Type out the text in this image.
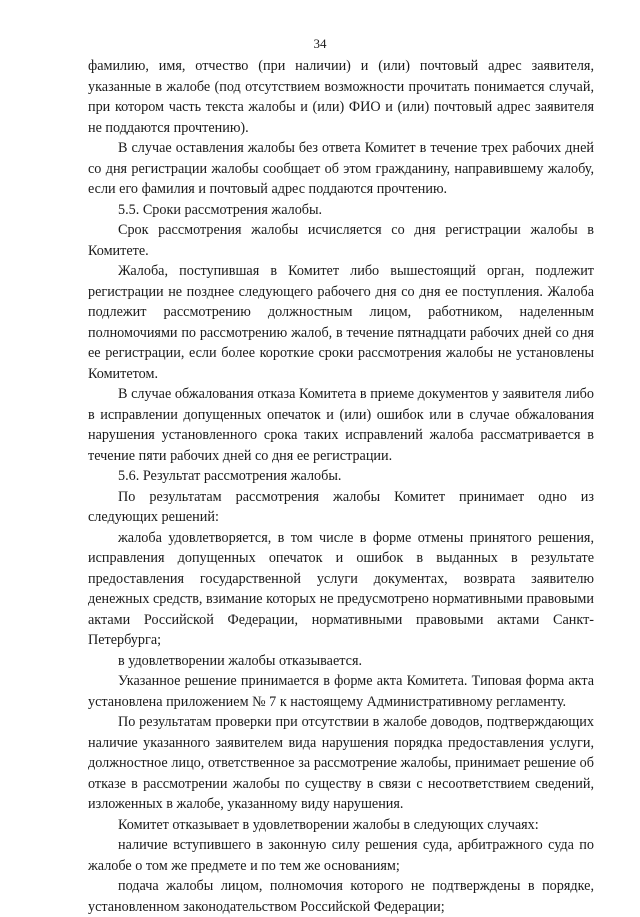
34

фамилию, имя, отчество (при наличии) и (или) почтовый адрес заявителя, указанные в жалобе (под отсутствием возможности прочитать понимается случай, при котором часть текста жалобы и (или) ФИО и (или) почтовый адрес заявителя не поддаются прочтению).

В случае оставления жалобы без ответа Комитет в течение трех рабочих дней со дня регистрации жалобы сообщает об этом гражданину, направившему жалобу, если его фамилия и почтовый адрес поддаются прочтению.

5.5. Сроки рассмотрения жалобы.

Срок рассмотрения жалобы исчисляется со дня регистрации жалобы в Комитете.

Жалоба, поступившая в Комитет либо вышестоящий орган, подлежит регистрации не позднее следующего рабочего дня со дня ее поступления. Жалоба подлежит рассмотрению должностным лицом, работником, наделенным полномочиями по рассмотрению жалоб, в течение пятнадцати рабочих дней со дня ее регистрации, если более короткие сроки рассмотрения жалобы не установлены Комитетом.

В случае обжалования отказа Комитета в приеме документов у заявителя либо в исправлении допущенных опечаток и (или) ошибок или в случае обжалования нарушения установленного срока таких исправлений жалоба рассматривается в течение пяти рабочих дней со дня ее регистрации.

5.6. Результат рассмотрения жалобы.

По результатам рассмотрения жалобы Комитет принимает одно из следующих решений:

жалоба удовлетворяется, в том числе в форме отмены принятого решения, исправления допущенных опечаток и ошибок в выданных в результате предоставления государственной услуги документах, возврата заявителю денежных средств, взимание которых не предусмотрено нормативными правовыми актами Российской Федерации, нормативными правовыми актами Санкт-Петербурга;

в удовлетворении жалобы отказывается.

Указанное решение принимается в форме акта Комитета. Типовая форма акта установлена приложением № 7 к настоящему Административному регламенту.

По результатам проверки при отсутствии в жалобе доводов, подтверждающих наличие указанного заявителем вида нарушения порядка предоставления услуги, должностное лицо, ответственное за рассмотрение жалобы, принимает решение об отказе в рассмотрении жалобы по существу в связи с несоответствием сведений, изложенных в жалобе, указанному виду нарушения.

Комитет отказывает в удовлетворении жалобы в следующих случаях:

наличие вступившего в законную силу решения суда, арбитражного суда по жалобе о том же предмете и по тем же основаниям;

подача жалобы лицом, полномочия которого не подтверждены в порядке, установленном законодательством Российской Федерации;
